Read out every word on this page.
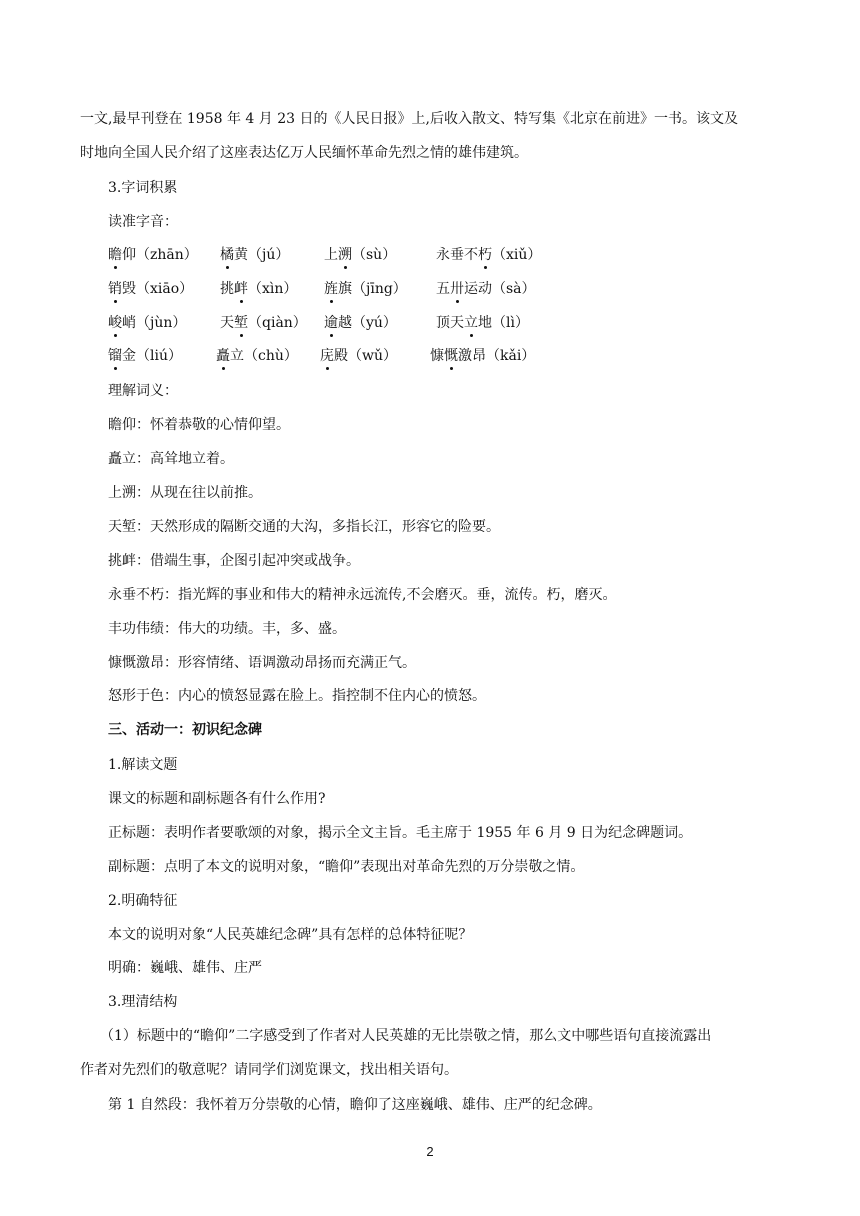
一文,最早刊登在 1958 年 4 月 23 日的《人民日报》上,后收入散文、特写集《北京在前进》一书。该文及
时地向全国人民介绍了这座表达亿万人民缅怀革命先烈之情的雄伟建筑。
3.字词积累
读准字音：
瞻仰（zhān） 橘黄（jú） 上溯（sù）	永垂不朽（xiǔ）
销毁（xiāo） 挑衅（xìn） 旌旗（jīng） 五卅运动（sà）
峻峭（jùn） 天堑（qiàn） 逾越（yú）	顶天立地（lì）
镏金（liú） 矗立（chù） 庑殿（wǔ） 慷慨激昂（kǎi）
理解词义：
瞻仰：怀着恭敬的心情仰望。
矗立：高耸地立着。
上溯：从现在往以前推。
天堑：天然形成的隔断交通的大沟，多指长江，形容它的险要。
挑衅：借端生事，企图引起冲突或战争。
永垂不朽：指光辉的事业和伟大的精神永远流传,不会磨灭。垂，流传。朽，磨灭。
丰功伟绩：伟大的功绩。丰，多、盛。
慷慨激昂：形容情绪、语调激动昂扬而充满正气。
怒形于色：内心的愤怒显露在脸上。指控制不住内心的愤怒。
三、活动一：初识纪念碑
1.解读文题
课文的标题和副标题各有什么作用?
正标题：表明作者要歌颂的对象，揭示全文主旨。毛主席于 1955 年 6 月 9 日为纪念碑题词。
副标题：点明了本文的说明对象，“瞻仰”表现出对革命先烈的万分崇敬之情。
2.明确特征
本文的说明对象“人民英雄纪念碑”具有怎样的总体特征呢？
明确：巍峨、雄伟、庄严
3.理清结构
（1）标题中的“瞻仰”二字感受到了作者对人民英雄的无比崇敬之情，那么文中哪些语句直接流露出
作者对先烈们的敬意呢？请同学们浏览课文，找出相关语句。
第 1 自然段：我怀着万分崇敬的心情，瞻仰了这座巍峨、雄伟、庄严的纪念碑。
2
